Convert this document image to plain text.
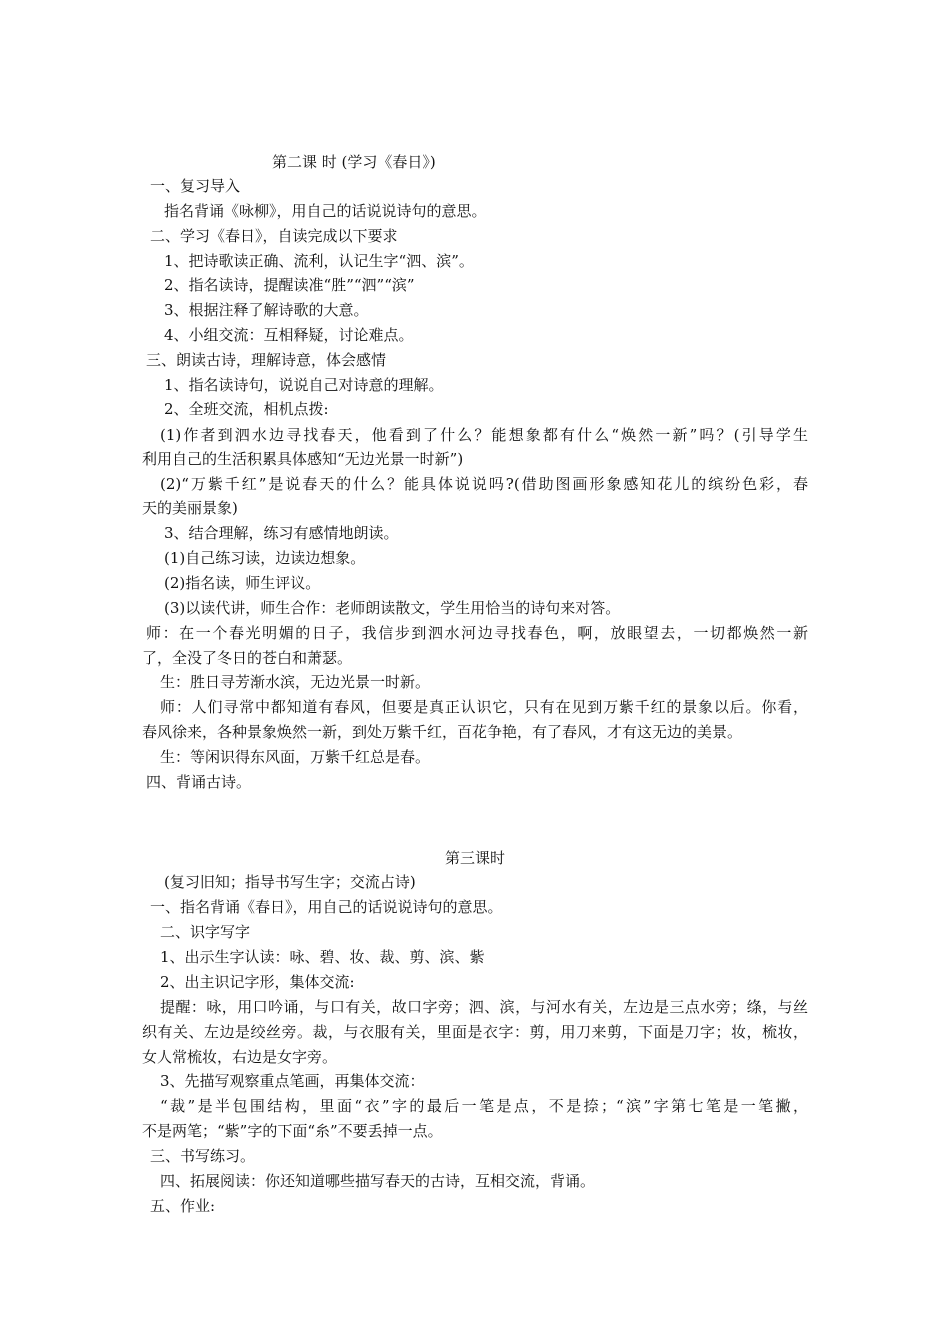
第二课 时 (学习《春日》)
一、复习导入
指名背诵《咏柳》，用自己的话说说诗句的意思。
二、学习《春日》，自读完成以下要求
1、把诗歌读正确、流利，认记生字“泗、滨”。
2、指名读诗，提醒读准“胜”“泗”“滨”
3、根据注释了解诗歌的大意。
4、小组交流：互相释疑，讨论难点。
三、朗读古诗，理解诗意，体会感情
1、指名读诗句，说说自己对诗意的理解。
2、全班交流，相机点拨:
(1)作者到泗水边寻找春天，他看到了什么？能想象都有什么“焕然一新”吗？(引导学生
利用自己的生活积累具体感知“无边光景一时新”)
(2)“万紫千红”是说春天的什么？能具体说说吗?(借助图画形象感知花儿的缤纷色彩，春
天的美丽景象)
3、结合理解，练习有感情地朗读。
(1)自己练习读，边读边想象。
(2)指名读，师生评议。
(3)以读代讲，师生合作：老师朗读散文，学生用恰当的诗句来对答。
师：在一个春光明媚的日子，我信步到泗水河边寻找春色，啊，放眼望去，一切都焕然一新
了，全没了冬日的苍白和萧瑟。
生：胜日寻芳渐水滨，无边光景一时新。
师：人们寻常中都知道有春风，但要是真正认识它，只有在见到万紫千红的景象以后。你看，
春风徐来，各种景象焕然一新，到处万紫千红，百花争艳，有了春风，才有这无边的美景。
生：等闲识得东风面，万紫千红总是春。
四、背诵古诗。
第三课时
(复习旧知；指导书写生字；交流占诗)
一、指名背诵《春日》，用自己的话说说诗句的意思。
二、识字写字
1、出示生字认读：咏、碧、妆、裁、剪、滨、紫
2、出主识记字形，集体交流:
提醒：咏，用口吟诵，与口有关，故口字旁；泗、滨，与河水有关，左边是三点水旁；绦，与丝
织有关、左边是绞丝旁。裁，与衣服有关，里面是衣字：剪，用刀来剪，下面是刀字；妆，梳妆，
女人常梳妆，右边是女字旁。
3、先描写观察重点笔画，再集体交流：
“裁”是半包围结构，里面“衣”字的最后一笔是点，不是捺；“滨”字第七笔是一笔撇，
不是两笔；“紫”字的下面“糸”不要丢掉一点。
三、书写练习。
四、拓展阅读：你还知道哪些描写春天的古诗，互相交流，背诵。
五、作业:
